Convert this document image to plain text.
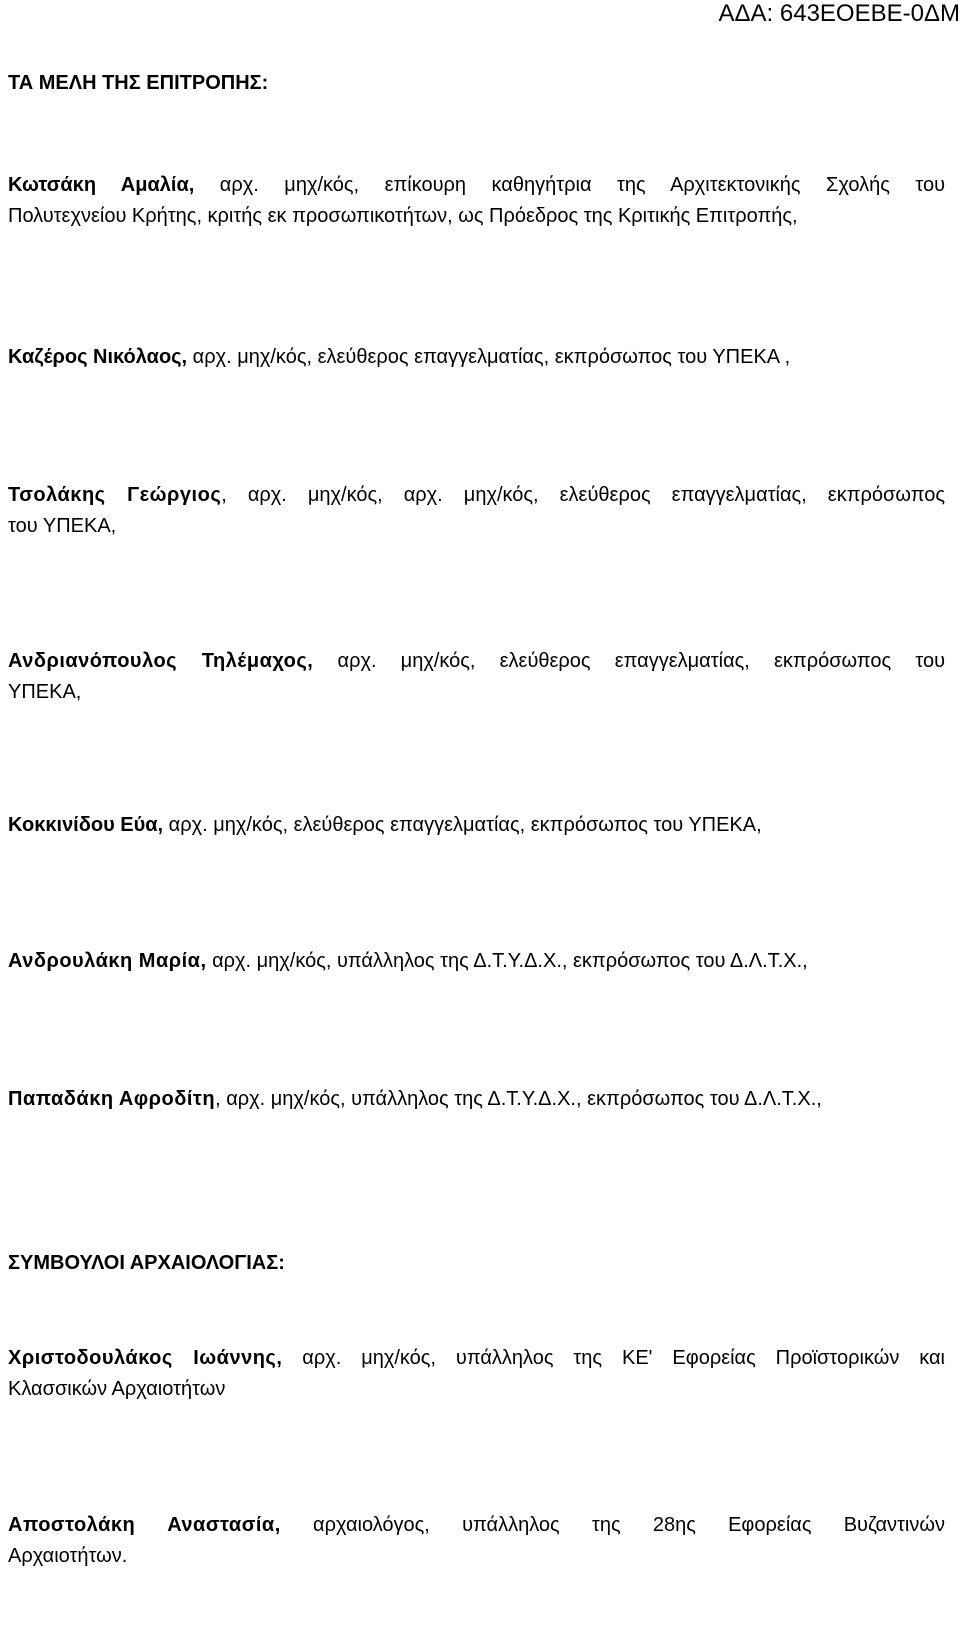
ΑΔΑ: 643ΕΟΕΒΕ-0ΔΜ
ΤΑ ΜΕΛΗ ΤΗΣ ΕΠΙΤΡΟΠΗΣ:

Κωτσάκη Αμαλία, αρχ. μηχ/κός, επίκουρη καθηγήτρια της Αρχιτεκτονικής Σχολής του
Πολυτεχνείου Κρήτης, κριτής εκ προσωπικοτήτων, ως Πρόεδρος της Κριτικής Επιτροπής,

Καζέρος Νικόλαος, αρχ. μηχ/κός, ελεύθερος επαγγελματίας, εκπρόσωπος του ΥΠΕΚΑ ,

Τσολάκης Γεώργιος, αρχ. μηχ/κός, αρχ. μηχ/κός, ελεύθερος επαγγελματίας, εκπρόσωπος
του ΥΠΕΚΑ,

Ανδριανόπουλος Τηλέμαχος, αρχ. μηχ/κός, ελεύθερος επαγγελματίας, εκπρόσωπος του
ΥΠΕΚΑ,

Κοκκινίδου Εύα, αρχ. μηχ/κός, ελεύθερος επαγγελματίας, εκπρόσωπος του ΥΠΕΚΑ,

Ανδρουλάκη Μαρία, αρχ. μηχ/κός, υπάλληλος της Δ.Τ.Υ.Δ.Χ., εκπρόσωπος του Δ.Λ.Τ.Χ.,

Παπαδάκη Αφροδίτη, αρχ. μηχ/κός, υπάλληλος της Δ.Τ.Υ.Δ.Χ., εκπρόσωπος του Δ.Λ.Τ.Χ.,

ΣΥΜΒΟΥΛΟΙ ΑΡΧΑΙΟΛΟΓΙΑΣ:

Χριστοδουλάκος Ιωάννης, αρχ. μηχ/κός, υπάλληλος της ΚΕ' Εφορείας Προϊστορικών και
Κλασσικών Αρχαιοτήτων

Αποστολάκη Αναστασία, αρχαιολόγος, υπάλληλος της 28ης Εφορείας Βυζαντινών
Αρχαιοτήτων.
